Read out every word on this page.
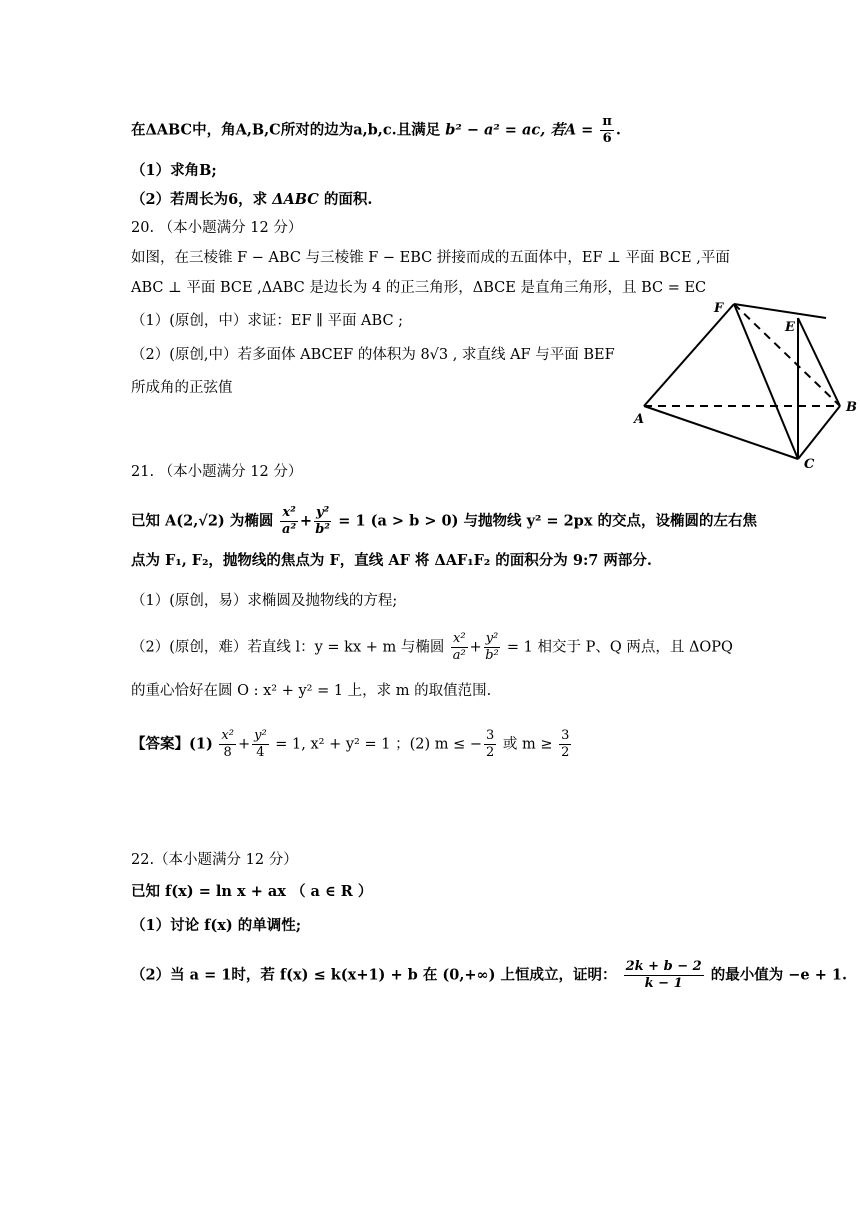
在ΔABC中，角A,B,C所对的边为a,b,c.且满足 b² − a² = ac, 若$A = \frac{\pi}{6}$ .
（1）求角B;
（2）若周长为6，求 ΔABC 的面积.
20. （本小题满分 12 分）
如图，在三棱锥 F − ABC 与三棱锥 F − EBC 拼接而成的五面体中，EF ⊥ 平面 BCE ,平面
ABC ⊥ 平面 BCE ,ΔABC 是边长为 4 的正三角形，ΔBCE 是直角三角形，且 BC = EC
（1）(原创，中）求证：EF ∥ 平面 ABC ;
（2）(原创,中）若多面体 ABCEF 的体积为 8√3 , 求直线 AF 与平面 BEF
所成角的正弦值
F
E
B
A
C
21. （本小题满分 12 分）
已知 A(2,√2) 为椭圆 $\frac{\text{x²}}{\text{a²}} + \frac{\text{y²}}{\text{b²}} = 1$ (a > b > 0) 与抛物线 y² = 2px 的交点，设椭圆的左右焦
点为 F₁, F₂，抛物线的焦点为 F，直线 AF 将 ΔAF₁F₂ 的面积分为 9:7 两部分.
（1）(原创，易）求椭圆及抛物线的方程;
（2）(原创，难）若直线 l：y = kx + m 与椭圆 $\frac{\text{x²}}{\text{a²}} + \frac{\text{y²}}{\text{b²}} = 1$ 相交于 P、Q 两点，且 ΔOPQ
的重心恰好在圆 O : x² + y² = 1 上，求 m 的取值范围.
【答案】$(1) \frac{\text{x²}}{8} + \frac{\text{y²}}{4} = 1$, x² + y² = 1 ；(2) m ≤ − $\frac{3}{2}$ 或 $m \ge \frac{3}{2}$
22.（本小题满分 12 分）
已知 f(x) = ln x + ax （ a ∈ R ）
（1）讨论 f(x) 的单调性;
（2）当 a = 1时，若 f(x) ≤ k(x+1) + b 在 (0,+∞) 上恒成立，证明： $\frac{2k + b - 2}{k - 1}$ 的最小值为 −e + 1.
